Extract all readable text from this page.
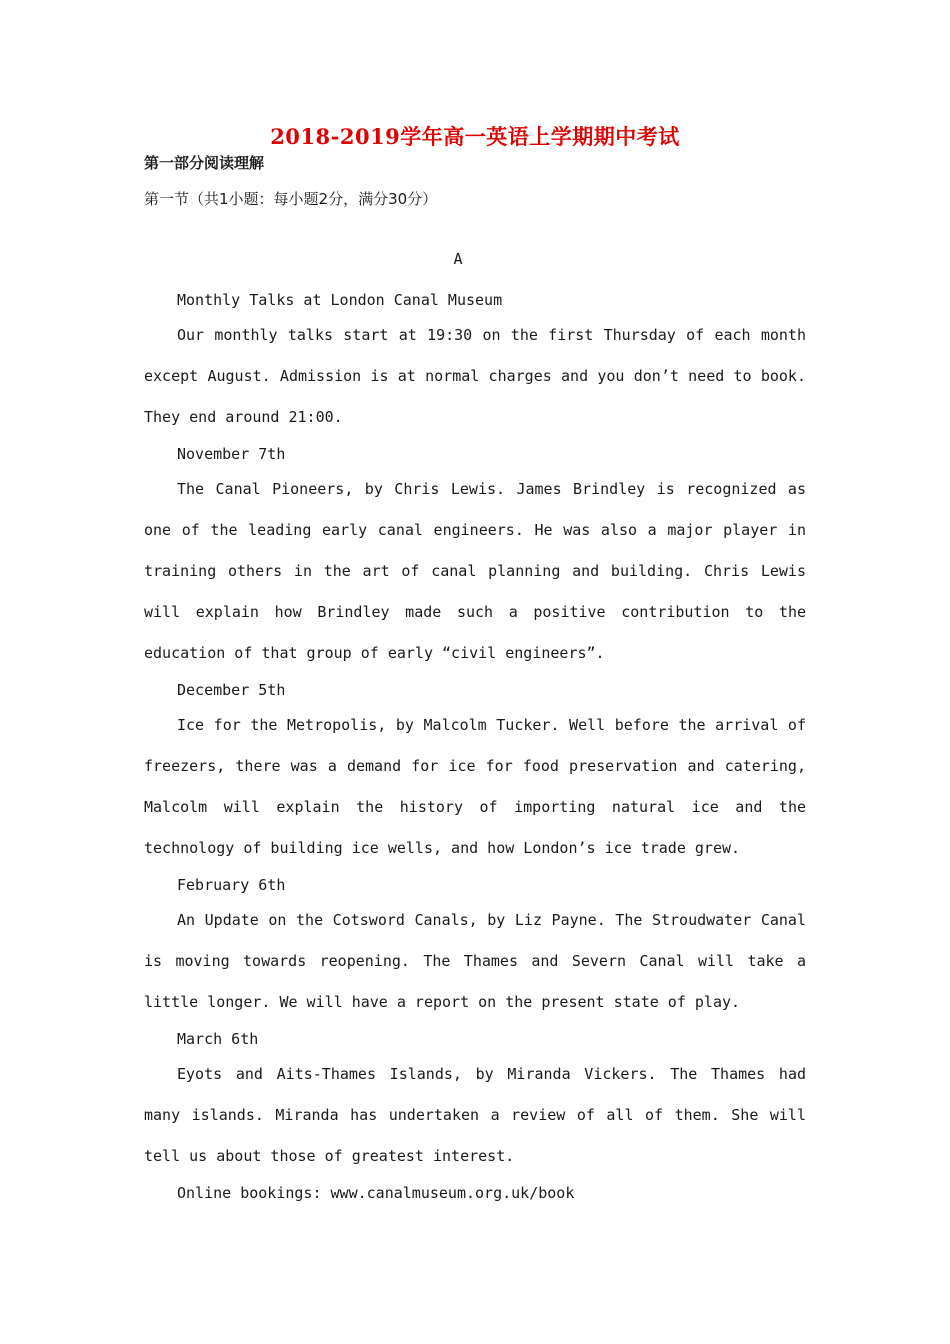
2018-2019学年高一英语上学期期中考试
第一部分阅读理解
第一节（共1小题：每小题2分，满分30分）
A

Monthly Talks at London Canal Museum

Our monthly talks start at 19:30 on the first Thursday of each month except August. Admission is at normal charges and you don’t need to book. They end around 21:00.

November 7th

The Canal Pioneers, by Chris Lewis. James Brindley is recognized as one of the leading early canal engineers. He was also a major player in training others in the art of canal planning and building. Chris Lewis will explain how Brindley made such a positive contribution to the education of that group of early “civil engineers”.

December 5th

Ice for the Metropolis, by Malcolm Tucker. Well before the arrival of freezers, there was a demand for ice for food preservation and catering, Malcolm will explain the history of importing natural ice and the technology of building ice wells, and how London’s ice trade grew.

February 6th

An Update on the Cotsword Canals, by Liz Payne. The Stroudwater Canal is moving towards reopening. The Thames and Severn Canal will take a little longer. We will have a report on the present state of play.

March 6th

Eyots and Aits-Thames Islands, by Miranda Vickers. The Thames had many islands. Miranda has undertaken a review of all of them. She will tell us about those of greatest interest.

Online bookings: www.canalmuseum.org.uk/book
